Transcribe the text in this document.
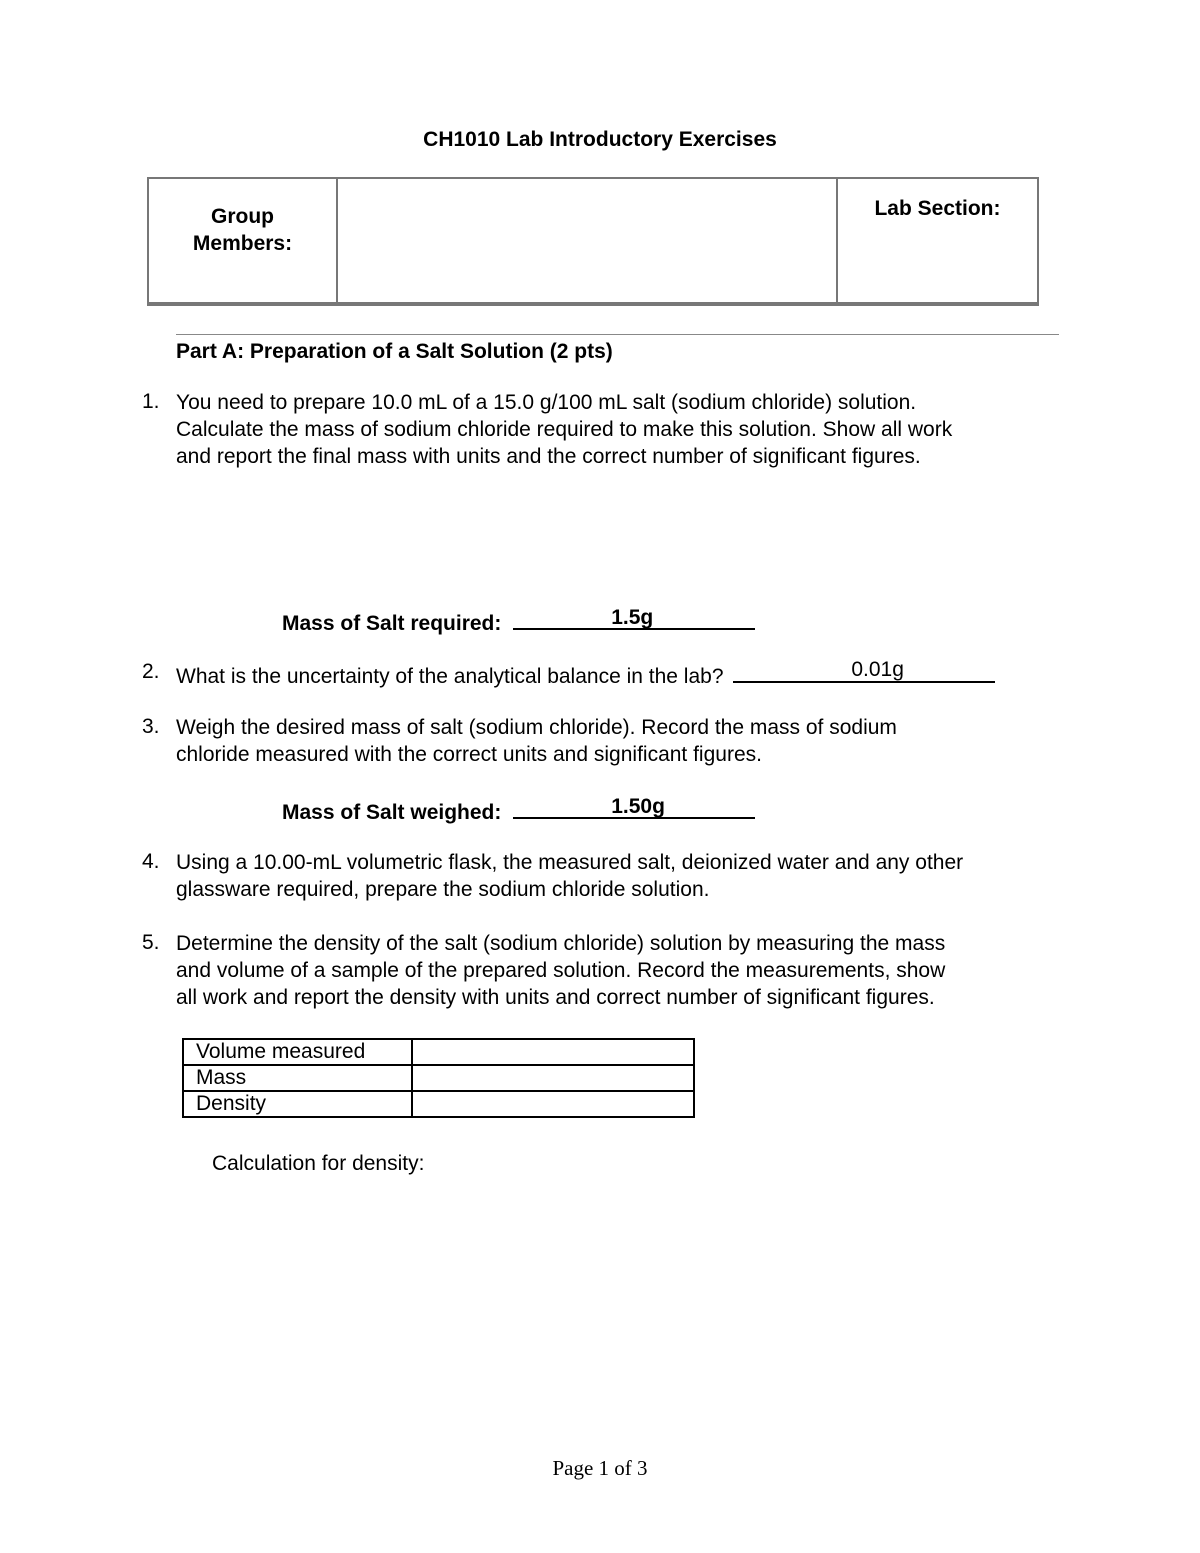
CH1010 Lab Introductory Exercises
Group
Members:
Lab Section:
Part A: Preparation of a Salt Solution (2 pts)
1. You need to prepare 10.0 mL of a 15.0 g/100 mL salt (sodium chloride) solution.
Calculate the mass of sodium chloride required to make this solution. Show all work
and report the final mass with units and the correct number of significant figures.
Mass of Salt required:	1.5g
2. What is the uncertainty of the analytical balance in the lab?	0.01g
3. Weigh the desired mass of salt (sodium chloride). Record the mass of sodium
chloride measured with the correct units and significant figures.
Mass of Salt weighed:	1.50g
4. Using a 10.00-mL volumetric flask, the measured salt, deionized water and any other
glassware required, prepare the sodium chloride solution.
5. Determine the density of the salt (sodium chloride) solution by measuring the mass
and volume of a sample of the prepared solution. Record the measurements, show
all work and report the density with units and correct number of significant figures.
Volume measured	
Mass	
Density	
Calculation for density:
Page 1 of 3
